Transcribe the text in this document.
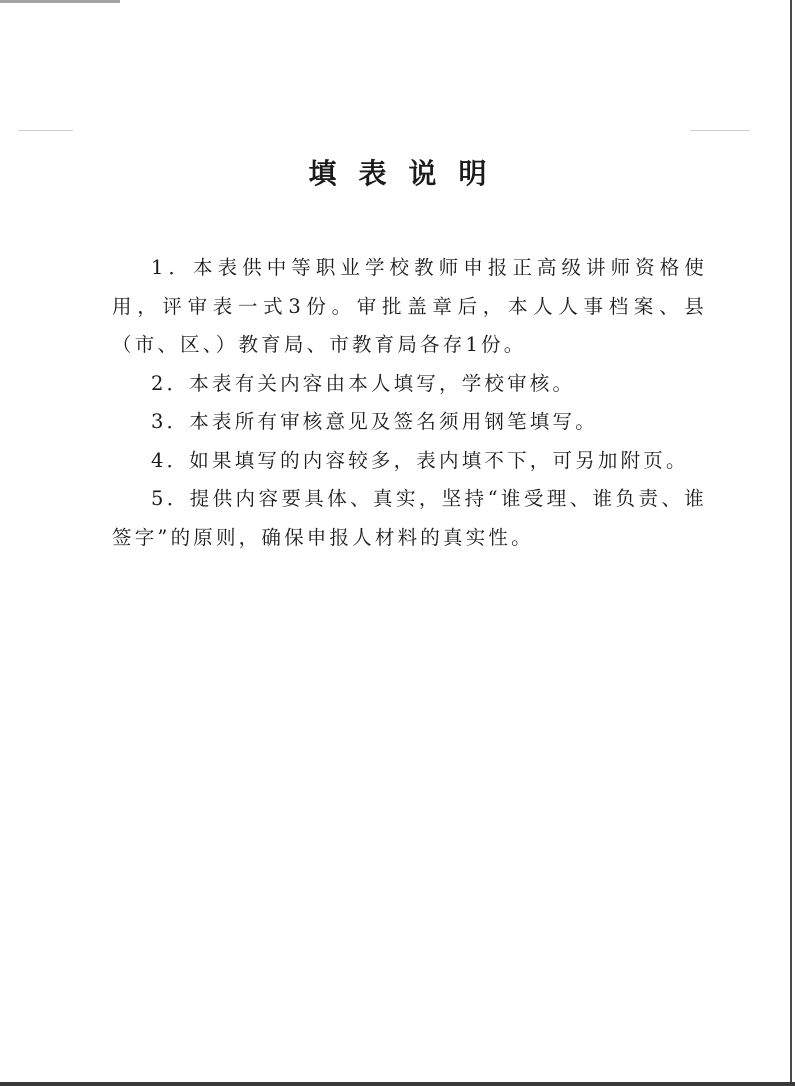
填表说明

1．本表供中等职业学校教师申报正高级讲师资格使用，评审表一式3份。审批盖章后，本人人事档案、县（市、区、）教育局、市教育局各存1份。

2．本表有关内容由本人填写，学校审核。

3．本表所有审核意见及签名须用钢笔填写。

4．如果填写的内容较多，表内填不下，可另加附页。

5．提供内容要具体、真实，坚持“谁受理、谁负责、谁签字”的原则，确保申报人材料的真实性。
